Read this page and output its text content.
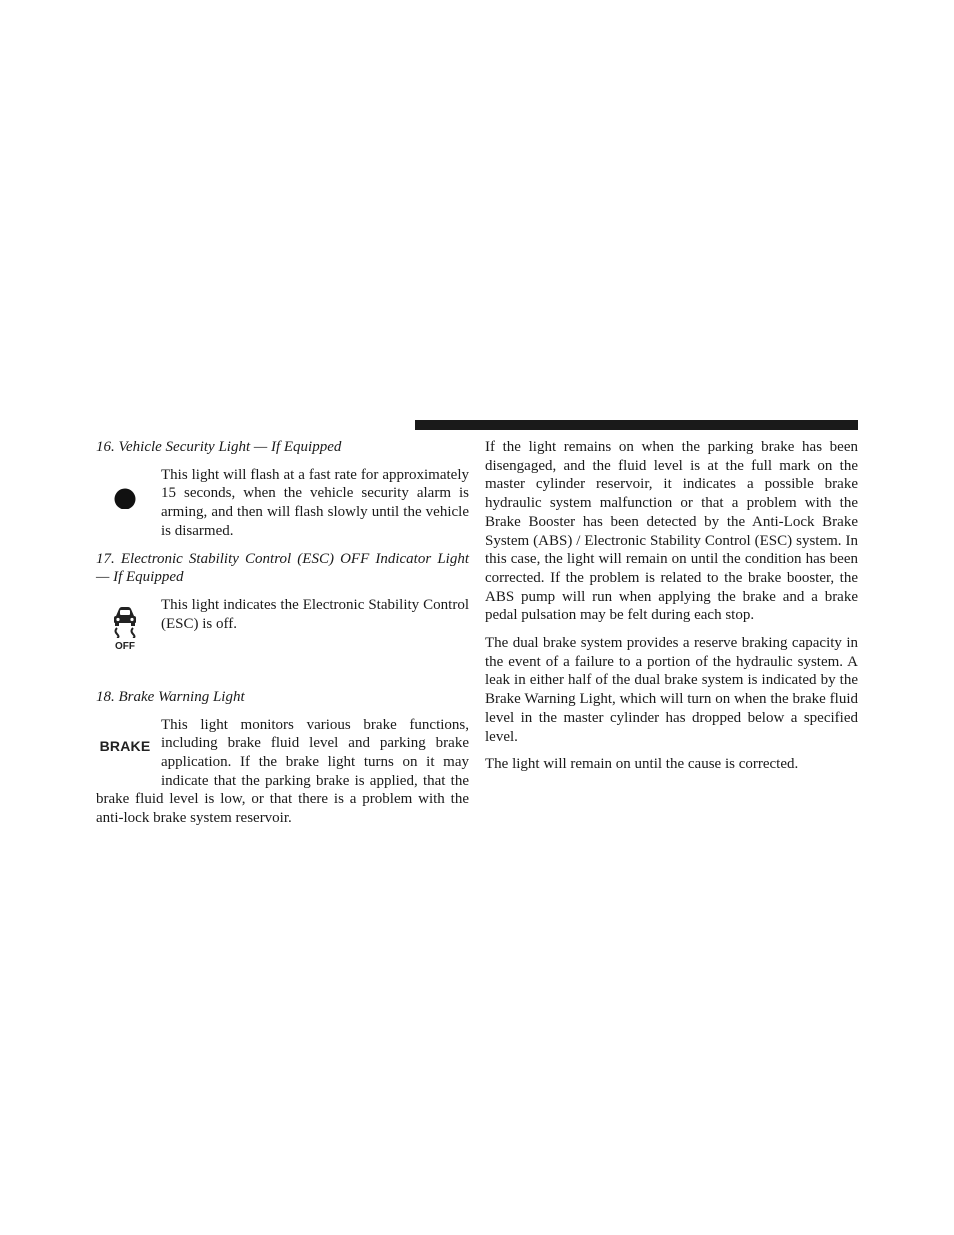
16. Vehicle Security Light — If Equipped

This light will flash at a fast rate for approximately 15 seconds, when the vehicle security alarm is arming, and then will flash slowly until the vehicle is disarmed.

17. Electronic Stability Control (ESC) OFF Indicator Light — If Equipped

OFF

This light indicates the Electronic Stability Control (ESC) is off.

18. Brake Warning Light

BRAKE

This light monitors various brake functions, including brake fluid level and parking brake application. If the brake light turns on it may indicate that the parking brake is applied, that the brake fluid level is low, or that there is a problem with the anti-lock brake system reservoir.

If the light remains on when the parking brake has been disengaged, and the fluid level is at the full mark on the master cylinder reservoir, it indicates a possible brake hydraulic system malfunction or that a problem with the Brake Booster has been detected by the Anti-Lock Brake System (ABS) / Electronic Stability Control (ESC) system. In this case, the light will remain on until the condition has been corrected. If the problem is related to the brake booster, the ABS pump will run when applying the brake and a brake pedal pulsation may be felt during each stop.

The dual brake system provides a reserve braking capacity in the event of a failure to a portion of the hydraulic system. A leak in either half of the dual brake system is indicated by the Brake Warning Light, which will turn on when the brake fluid level in the master cylinder has dropped below a specified level.

The light will remain on until the cause is corrected.
